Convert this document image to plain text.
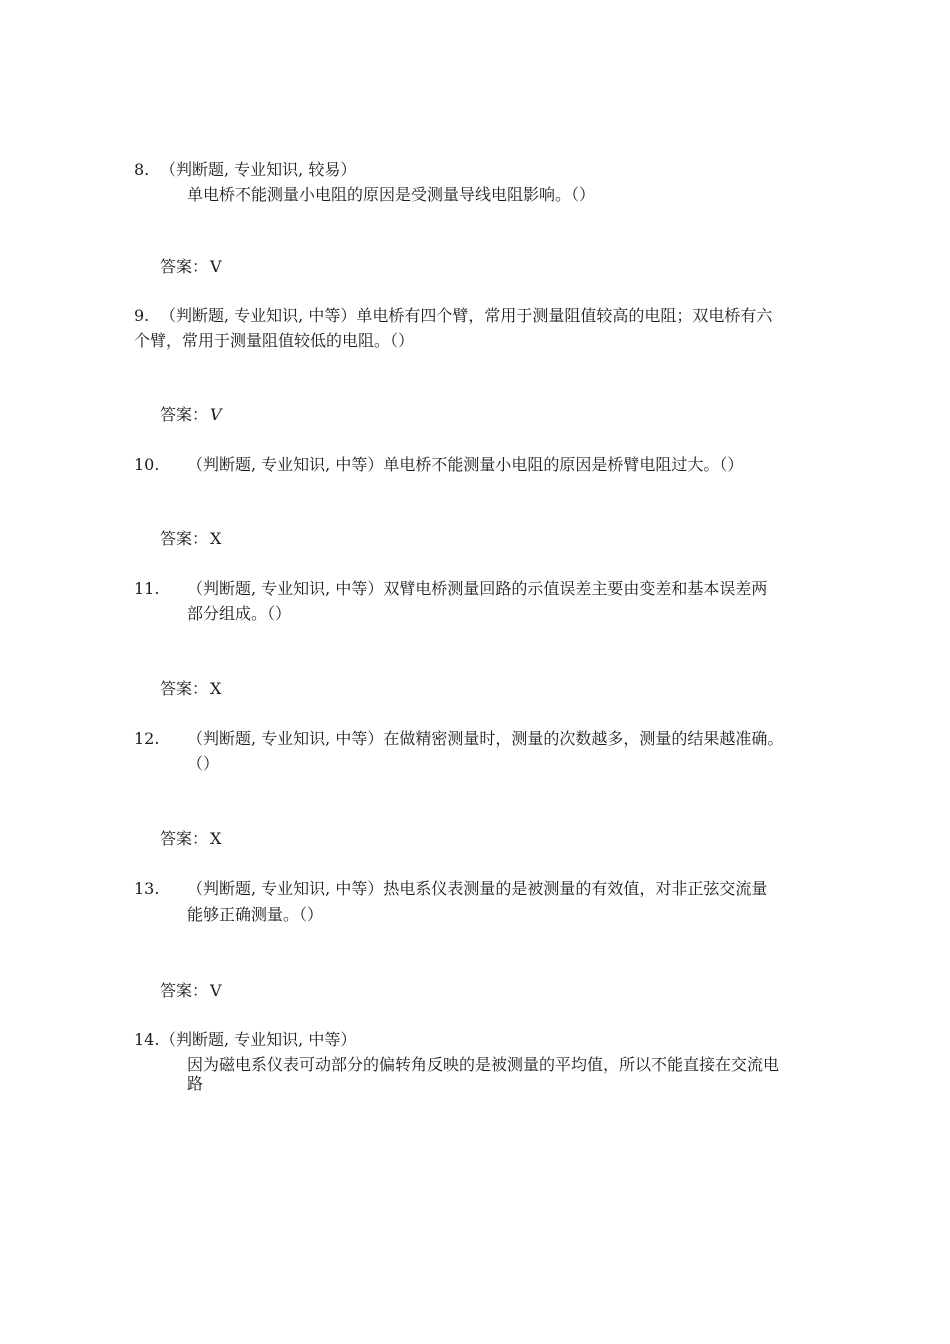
8. （判断题, 专业知识, 较易）
单电桥不能测量小电阻的原因是受测量导线电阻影响。（）
答案： V
9. （判断题, 专业知识, 中等）单电桥有四个臂，常用于测量阻值较高的电阻；双电桥有六
个臂，常用于测量阻值较低的电阻。（）
答案： V
10. （判断题, 专业知识, 中等）单电桥不能测量小电阻的原因是桥臂电阻过大。（）
答案： X
11. （判断题, 专业知识, 中等）双臂电桥测量回路的示值误差主要由变差和基本误差两
部分组成。（）
答案： X
12. （判断题, 专业知识, 中等）在做精密测量时，测量的次数越多，测量的结果越准确。
（）
答案： X
13. （判断题, 专业知识, 中等）热电系仪表测量的是被测量的有效值，对非正弦交流量
能够正确测量。（）
答案： V
14. （判断题, 专业知识, 中等）
因为磁电系仪表可动部分的偏转角反映的是被测量的平均值，所以不能直接在交流电
路
